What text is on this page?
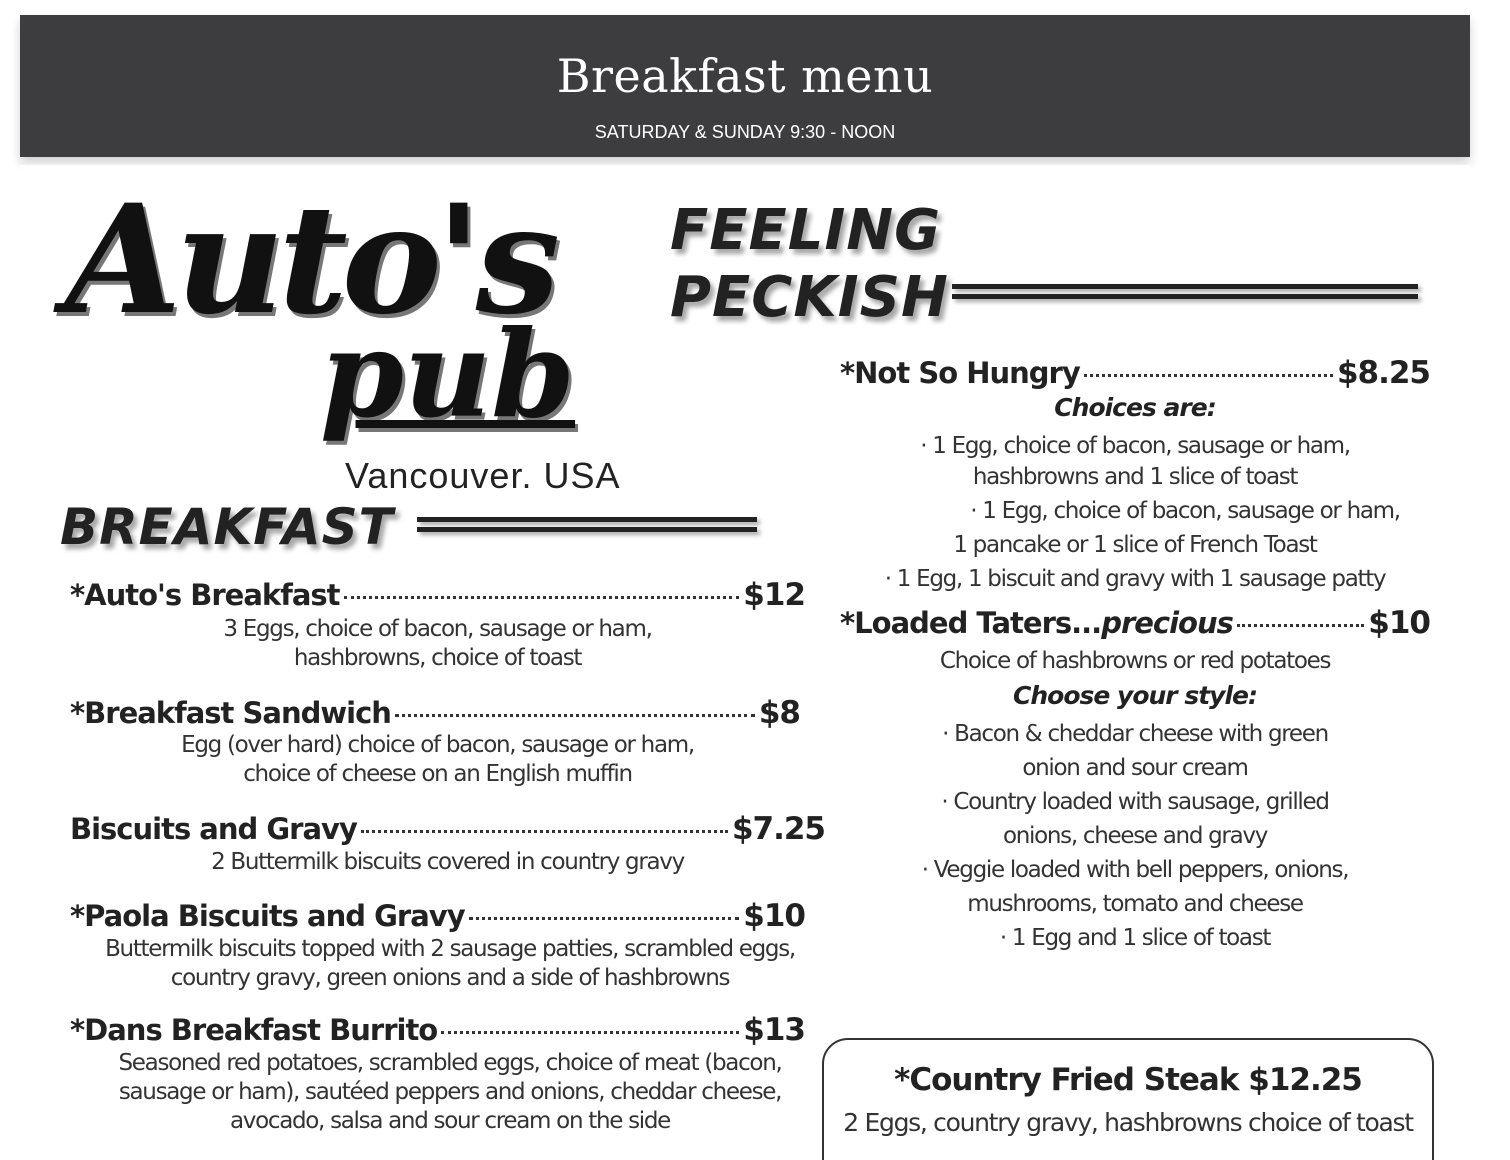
Breakfast menu
SATURDAY & SUNDAY 9:30 - NOON
Auto's
pub
Vancouver. USA
BREAKFAST
FEELING
PECKISH
*Auto's Breakfast	$12
3 Eggs, choice of bacon, sausage or ham,
hashbrowns, choice of toast
*Breakfast Sandwich	$8
Egg (over hard) choice of bacon, sausage or ham,
choice of cheese on an English muffin
Biscuits and Gravy	$7.25
2 Buttermilk biscuits covered in country gravy
*Paola Biscuits and Gravy	$10
Buttermilk biscuits topped with 2 sausage patties, scrambled eggs,
country gravy, green onions and a side of hashbrowns
*Dans Breakfast Burrito	$13
Seasoned red potatoes, scrambled eggs, choice of meat (bacon,
sausage or ham), sautéed peppers and onions, cheddar cheese,
avocado, salsa and sour cream on the side
*Not So Hungry	$8.25
Choices are:
· 1 Egg, choice of bacon, sausage or ham,
hashbrowns and 1 slice of toast
· 1 Egg, choice of bacon, sausage or ham,
1 pancake or 1 slice of French Toast
· 1 Egg, 1 biscuit and gravy with 1 sausage patty
*Loaded Taters...precious	$10
Choice of hashbrowns or red potatoes
Choose your style:
· Bacon & cheddar cheese with green
onion and sour cream
· Country loaded with sausage, grilled
onions, cheese and gravy
· Veggie loaded with bell peppers, onions,
mushrooms, tomato and cheese
· 1 Egg and 1 slice of toast
*Country Fried Steak $12.25
2 Eggs, country gravy, hashbrowns choice of toast
